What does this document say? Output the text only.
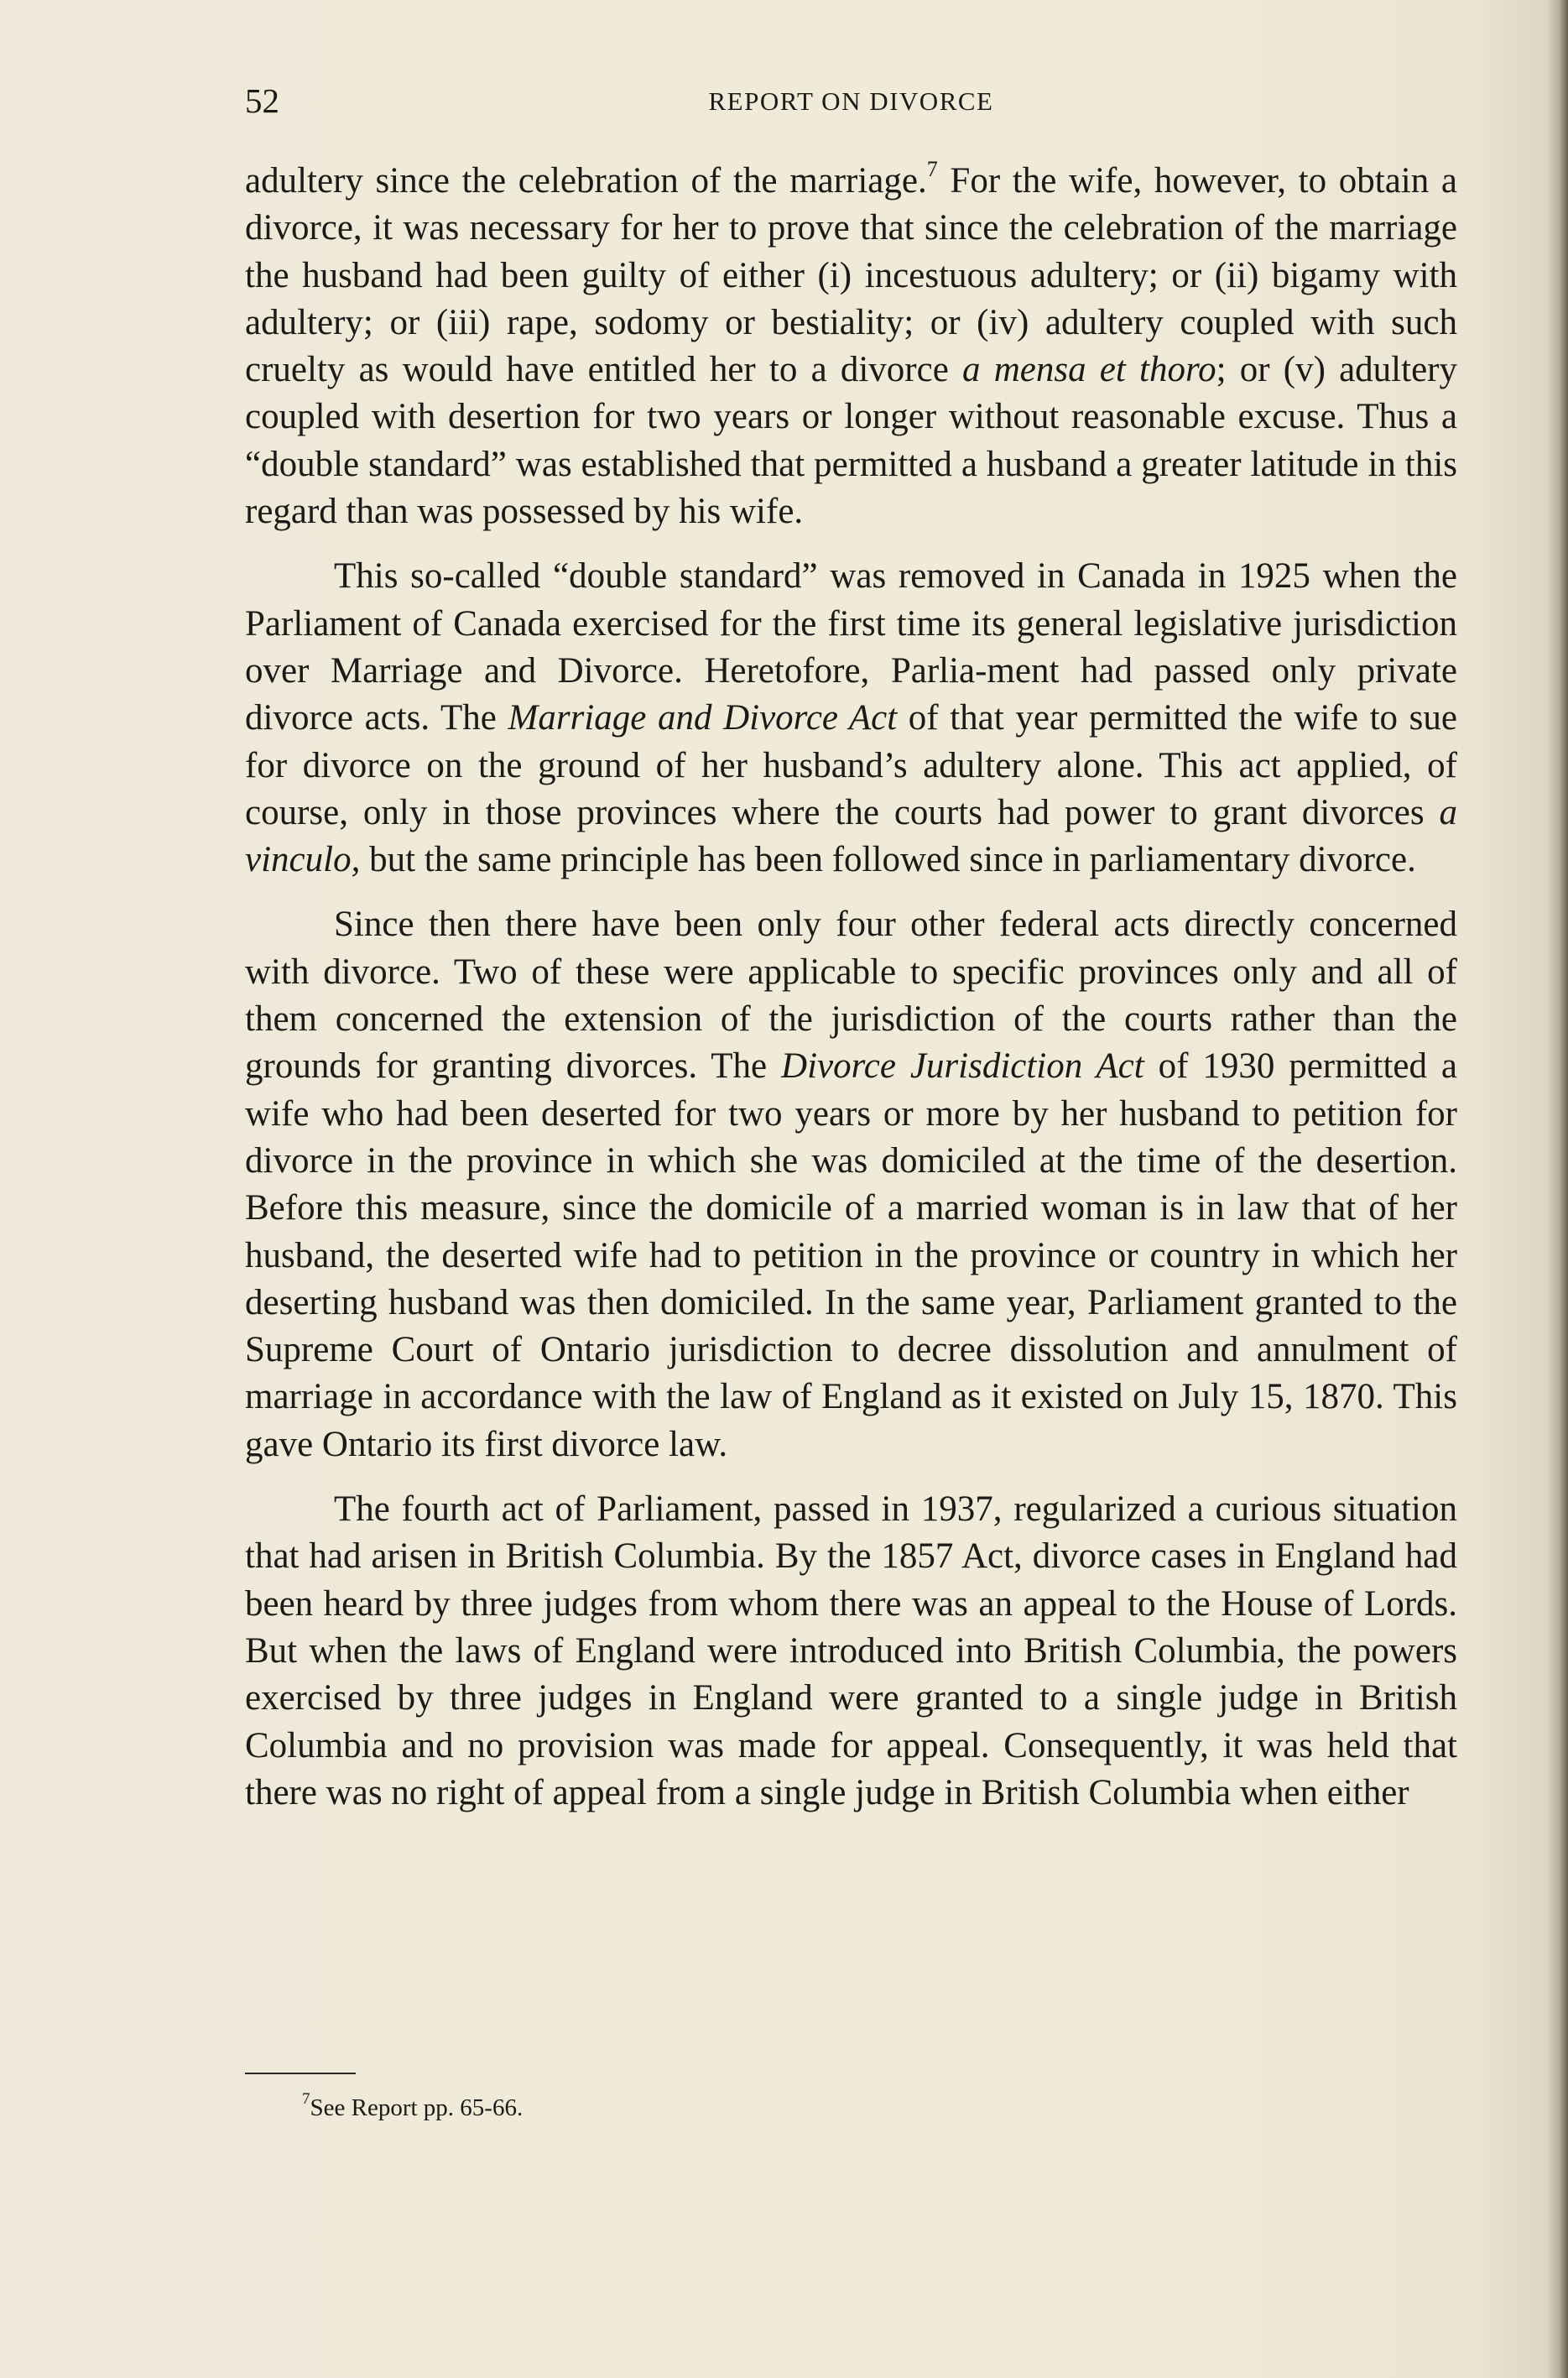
52	REPORT ON DIVORCE

adultery since the celebration of the marriage.$^7$ For the wife, however, to obtain a divorce, it was necessary for her to prove that since the celebration of the marriage the husband had been guilty of either (i) incestuous adultery; or (ii) bigamy with adultery; or (iii) rape, sodomy or bestiality; or (iv) adultery coupled with such cruelty as would have entitled her to a divorce a mensa et thoro; or (v) adultery coupled with desertion for two years or longer without reasonable excuse. Thus a “double standard” was established that permitted a husband a greater latitude in this regard than was possessed by his wife.

This so-called “double standard” was removed in Canada in 1925 when the Parliament of Canada exercised for the first time its general legislative jurisdiction over Marriage and Divorce. Heretofore, Parlia-ment had passed only private divorce acts. The Marriage and Divorce Act of that year permitted the wife to sue for divorce on the ground of her husband’s adultery alone. This act applied, of course, only in those provinces where the courts had power to grant divorces a vinculo, but the same principle has been followed since in parliamentary divorce.

Since then there have been only four other federal acts directly concerned with divorce. Two of these were applicable to specific provinces only and all of them concerned the extension of the jurisdiction of the courts rather than the grounds for granting divorces. The Divorce Jurisdiction Act of 1930 permitted a wife who had been deserted for two years or more by her husband to petition for divorce in the province in which she was domiciled at the time of the desertion. Before this measure, since the domicile of a married woman is in law that of her husband, the deserted wife had to petition in the province or country in which her deserting husband was then domiciled. In the same year, Parliament granted to the Supreme Court of Ontario jurisdiction to decree dissolution and annulment of marriage in accordance with the law of England as it existed on July 15, 1870. This gave Ontario its first divorce law.

The fourth act of Parliament, passed in 1937, regularized a curious situation that had arisen in British Columbia. By the 1857 Act, divorce cases in England had been heard by three judges from whom there was an appeal to the House of Lords. But when the laws of England were introduced into British Columbia, the powers exercised by three judges in England were granted to a single judge in British Columbia and no provision was made for appeal. Consequently, it was held that there was no right of appeal from a single judge in British Columbia when either

$^7$See Report pp. 65-66.
